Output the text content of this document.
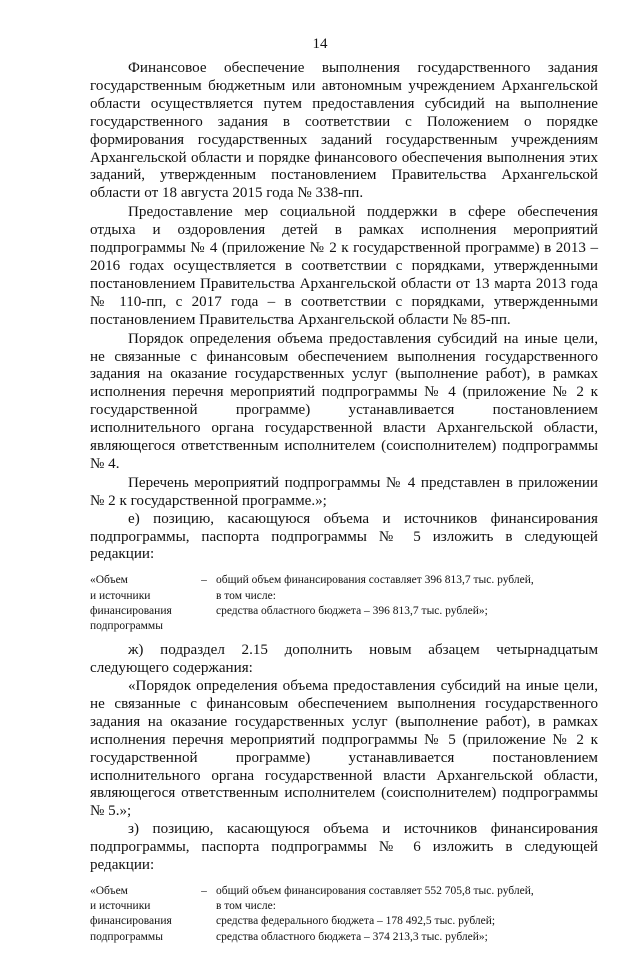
14

Финансовое обеспечение выполнения государственного задания государственным бюджетным или автономным учреждением Архангельской области осуществляется путем предоставления субсидий на выполнение государственного задания в соответствии с Положением о порядке формирования государственных заданий государственным учреждениям Архангельской области и порядке финансового обеспечения выполнения этих заданий, утвержденным постановлением Правительства Архангельской области от 18 августа 2015 года № 338-пп.

Предоставление мер социальной поддержки в сфере обеспечения отдыха и оздоровления детей в рамках исполнения мероприятий подпрограммы № 4 (приложение № 2 к государственной программе) в 2013 – 2016 годах осуществляется в соответствии с порядками, утвержденными постановлением Правительства Архангельской области от 13 марта 2013 года № 110-пп, с 2017 года – в соответствии с порядками, утвержденными постановлением Правительства Архангельской области № 85-пп.

Порядок определения объема предоставления субсидий на иные цели, не связанные с финансовым обеспечением выполнения государственного задания на оказание государственных услуг (выполнение работ), в рамках исполнения перечня мероприятий подпрограммы № 4 (приложение № 2 к государственной программе) устанавливается постановлением исполнительного органа государственной власти Архангельской области, являющегося ответственным исполнителем (соисполнителем) подпрограммы № 4.

Перечень мероприятий подпрограммы № 4 представлен в приложении № 2 к государственной программе.»;

е) позицию, касающуюся объема и источников финансирования подпрограммы, паспорта подпрограммы № 5 изложить в следующей редакции:

«Объем
и источники
финансирования
подпрограммы
– общий объем финансирования составляет 396 813,7 тыс. рублей,
в том числе:
средства областного бюджета – 396 813,7 тыс. рублей»;

ж) подраздел 2.15 дополнить новым абзацем четырнадцатым следующего содержания:

«Порядок определения объема предоставления субсидий на иные цели, не связанные с финансовым обеспечением выполнения государственного задания на оказание государственных услуг (выполнение работ), в рамках исполнения перечня мероприятий подпрограммы № 5 (приложение № 2 к государственной программе) устанавливается постановлением исполнительного органа государственной власти Архангельской области, являющегося ответственным исполнителем (соисполнителем) подпрограммы № 5.»;

з) позицию, касающуюся объема и источников финансирования подпрограммы, паспорта подпрограммы № 6 изложить в следующей редакции:

«Объем
и источники
финансирования
подпрограммы
– общий объем финансирования составляет 552 705,8 тыс. рублей,
в том числе:
средства федерального бюджета – 178 492,5 тыс. рублей;
средства областного бюджета – 374 213,3 тыс. рублей»;
